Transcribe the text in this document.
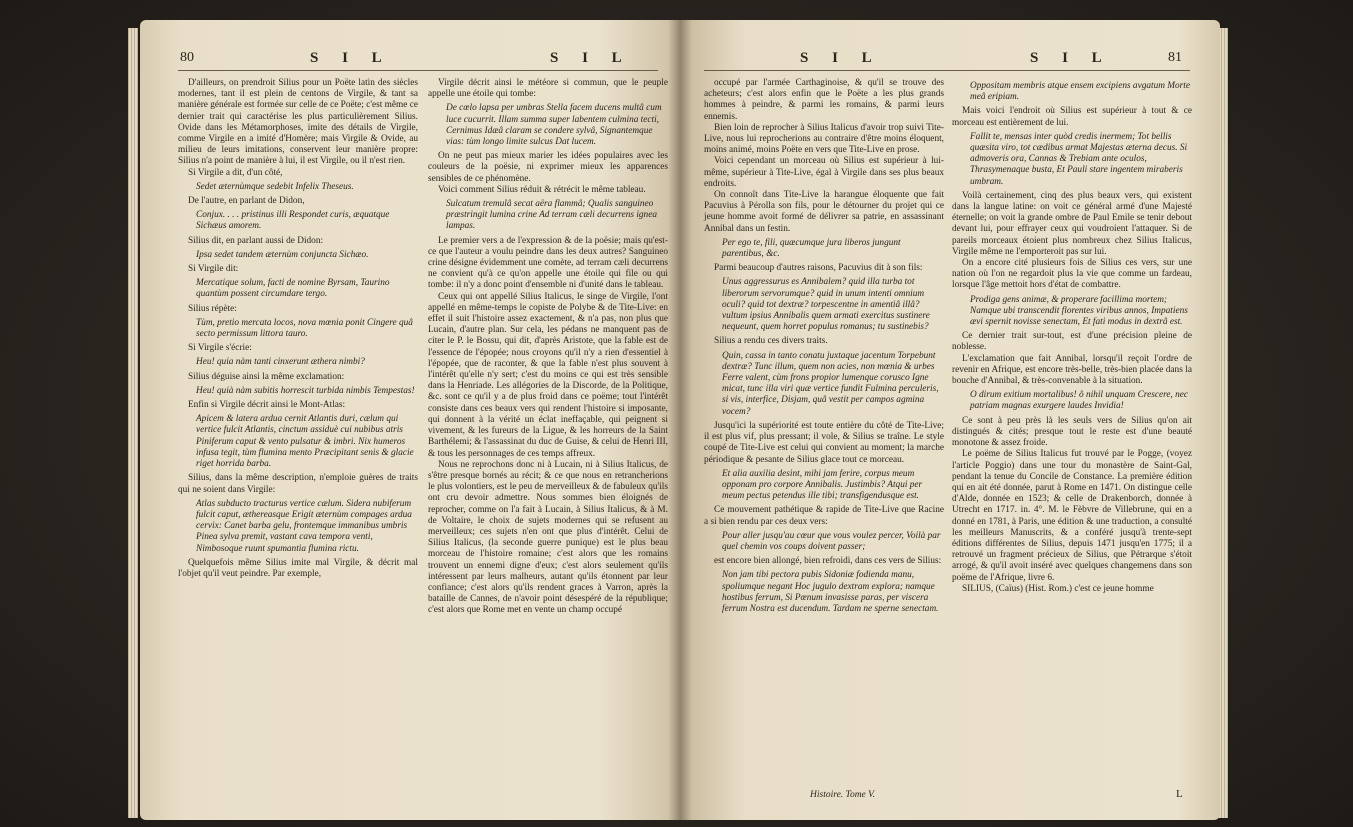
80	S I L	S I L

D'ailleurs, on prendroit Silius pour un Poëte latin des siècles modernes, tant il est plein de centons de Virgile, & tant sa manière générale est formée sur celle de ce Poëte; c'est même ce dernier trait qui caractérise les plus particulièrement Silius. Ovide dans les Métamorphoses, imite des détails de Virgile, comme Virgile en a imité d'Homère; mais Virgile & Ovide, au milieu de leurs imitations, conservent leur manière propre: Silius n'a point de manière à lui, il est Virgile, ou il n'est rien.

Si Virgile a dit, d'un côté,

Sedet æternùmque sedebit Infelix Theseus.

De l'autre, en parlant de Didon,

Conjux. . . . pristinus illi Respondet curis, æquatque Sichæus amorem.

Silius dit, en parlant aussi de Didon:

Ipsa sedet tandem æternùm conjuncta Sichæo.

Si Virgile dit:

Mercatique solum, facti de nomine Byrsam, Taurino quantùm possent circumdare tergo.

Silius répète:

Tùm, pretio mercata locos, nova mœnia ponit Cingere quâ secto permissum littora tauro.

Si Virgile s'écrie:

Heu! quia nàm tanti cinxerunt æthera nimbi?

Silius déguise ainsi la même exclamation:

Heu! quià nàm subitis horrescit turbida nimbis Tempestas!

Enfin si Virgile décrit ainsi le Mont-Atlas:

Apicem & latera ardua cernit Atlantis duri, cælum qui vertice fulcit Atlantis, cinctum assiduè cui nubibus atris Piniferum caput & vento pulsatur & imbri. Nix humeros infusa tegit, tùm flumina mento Præcipitant senis & glacie riget horrida barba.

Silius, dans la même description, n'emploie guères de traits qui ne soient dans Virgile:

Atlas subducto tracturus vertice cælum. Sidera nubiferum fulcit caput, æthereasque Erigit æternùm compages ardua cervix: Canet barba gelu, frontemque immanibus umbris Pinea sylva premit, vastant cava tempora venti, Nimbosoque ruunt spumantia flumina rictu.

Quelquefois même Silius imite mal Virgile, & décrit mal l'objet qu'il veut peindre. Par exemple,

Virgile décrit ainsi le météore si commun, que le peuple appelle une étoile qui tombe:

De cœlo lapsa per umbras Stella facem ducens multâ cum luce cucurrit. Illam summa super labentem culmina tecti, Cernimus Idæâ claram se condere sylvâ, Signantemque vias: tùm longo limite sulcus Dat lucem.

On ne peut pas mieux marier les idées populaires avec les couleurs de la poësie, ni exprimer mieux les apparences sensibles de ce phénomène.

Voici comment Silius réduit & rétrécit le même tableau.

Sulcatum tremulâ secat aëra flammâ; Qualis sanguineo præstringit lumina crine Ad terram cæli decurrens ignea lampas.

Le premier vers a de l'expression & de la poësie; mais qu'est-ce que l'auteur a voulu peindre dans les deux autres? Sanguineo crine désigne évidemment une comète, ad terram cæli decurrens ne convient qu'à ce qu'on appelle une étoile qui file ou qui tombe: il n'y a donc point d'ensemble ni d'unité dans le tableau.

Ceux qui ont appellé Silius Italicus, le singe de Virgile, l'ont appellé en même-temps le copiste de Polybe & de Tite-Live: en effet il suit l'histoire assez exactement, & n'a pas, non plus que Lucain, d'autre plan. Sur cela, les pédans ne manquent pas de citer le P. le Bossu, qui dit, d'après Aristote, que la fable est de l'essence de l'épopée; nous croyons qu'il n'y a rien d'essentiel à l'épopée, que de raconter, & que la fable n'est plus souvent à l'intérêt qu'elle n'y sert; c'est du moins ce qui est très sensible dans la Henriade. Les allégories de la Discorde, de la Politique, &c. sont ce qu'il y a de plus froid dans ce poëme; tout l'intérêt consiste dans ces beaux vers qui rendent l'histoire si imposante, qui donnent à la vérité un éclat ineffaçable, qui peignent si vivement, & les fureurs de la Ligue, & les horreurs de la Saint Barthélemi; & l'assassinat du duc de Guise, & celui de Henri III, & tous les personnages de ces temps affreux.

Nous ne reprochons donc ni à Lucain, ni à Silius Italicus, de s'être presque bornés au récit; & ce que nous en retrancherions le plus volontiers, est le peu de merveilleux & de fabuleux qu'ils ont cru devoir admettre. Nous sommes bien éloignés de reprocher, comme on l'a fait à Lucain, à Silius Italicus, & à M. de Voltaire, le choix de sujets modernes qui se refusent au merveilleux; ces sujets n'en ont que plus d'intérêt. Celui de Silius Italicus, (la seconde guerre punique) est le plus beau morceau de l'histoire romaine; c'est alors que les romains trouvent un ennemi digne d'eux; c'est alors seulement qu'ils intéressent par leurs malheurs, autant qu'ils étonnent par leur confiance; c'est alors qu'ils rendent graces à Varron, après la bataille de Cannes, de n'avoir point désespéré de la république; c'est alors que Rome met en vente un champ occupé

S I L	S I L	81

occupé par l'armée Carthaginoise, & qu'il se trouve des acheteurs; c'est alors enfin que le Poëte a les plus grands hommes à peindre, & parmi les romains, & parmi leurs ennemis.

Bien loin de reprocher à Silius Italicus d'avoir trop suivi Tite-Live, nous lui reprocherions au contraire d'être moins éloquent, moins animé, moins Poëte en vers que Tite-Live en prose.

Voici cependant un morceau où Silius est supérieur à lui-même, supérieur à Tite-Live, égal à Virgile dans ses plus beaux endroits.

On connoît dans Tite-Live la harangue éloquente que fait Pacuvius à Pérolla son fils, pour le détourner du projet qui ce jeune homme avoit formé de délivrer sa patrie, en assassinant Annibal dans un festin.

Per ego te, fili, quæcumque jura liberos jungunt parentibus, &c.

Parmi beaucoup d'autres raisons, Pacuvius dit à son fils:

Unus aggressurus es Annibalem? quid illa turba tot liberorum servorumque? quid in unum intenti omnium oculi? quid tot dextræ? torpescentne in amentiâ illâ? vultum ipsius Annibalis quem armati exercitus sustinere nequeunt, quem horret populus romanus; tu sustinebis?

Silius a rendu ces divers traits.

Quin, cassa in tanto conatu juxtaque jacentum Torpebunt dextræ? Tunc illum, quem non acies, non mœnia & urbes Ferre valent, cùm frons propior lumenque corusco Igne micat, tunc illa viri quæ vertice fundit Fulmina perculeris, si vis, interfice, Disjam, quâ vestit per campos agmina vocem?

Jusqu'ici la supériorité est toute entière du côté de Tite-Live; il est plus vif, plus pressant; il vole, & Silius se traîne. Le style coupé de Tite-Live est celui qui convient au moment; la marche périodique & pesante de Silius glace tout ce morceau.

Et alia auxilia desint, mihi jam ferire, corpus meum opponam pro corpore Annibalis. Justimbis? Atqui per meum pectus petendus ille tibi; transfigendusque est.

Ce mouvement pathétique & rapide de Tite-Live que Racine a si bien rendu par ces deux vers:

Pour aller jusqu'au cœur que vous voulez percer, Voilà par quel chemin vos coups doivent passer;

est encore bien allongé, bien refroidi, dans ces vers de Silius:

Non jam tibi pectora pubis Sidoniæ fodienda manu, spoliumque negant Hoc jugulo dextram explora; namque hostibus ferrum, Si Pœnum invasisse paras, per viscera ferrum Nostra est ducendum. Tardam ne sperne senectam.

Oppositam membris atque ensem excipiens avgatum Morte meâ eripiam.

Mais voici l'endroit où Silius est supérieur à tout & ce morceau est entièrement de lui.

Fallit te, mensas inter quòd credis inermem; Tot bellis quæsita viro, tot cædibus armat Majestas æterna decus. Si admoveris ora, Cannas & Trebiam ante oculos, Thrasymenaque busta, Et Pauli stare ingentem miraberis umbram.

Voilà certainement, cinq des plus beaux vers, qui existent dans la langue latine: on voit ce général armé d'une Majesté éternelle; on voit la grande ombre de Paul Emile se tenir debout devant lui, pour effrayer ceux qui voudroient l'attaquer. Si de pareils morceaux étoient plus nombreux chez Silius Italicus, Virgile même ne l'emporteroit pas sur lui.

On a encore cité plusieurs fois de Silius ces vers, sur une nation où l'on ne regardoit plus la vie que comme un fardeau, lorsque l'âge mettoit hors d'état de combattre.

Prodiga gens animæ, & properare facillima mortem; Namque ubi transcendit florentes viribus annos, Impatiens ævi spernit novisse senectam, Et fati modus in dextrâ est.

Ce dernier trait sur-tout, est d'une précision pleine de noblesse.

L'exclamation que fait Annibal, lorsqu'il reçoit l'ordre de revenir en Afrique, est encore très-belle, très-bien placée dans la bouche d'Annibal, & très-convenable à la situation.

O dirum exitium mortalibus! ô nihil unquam Crescere, nec patriam magnas exurgere laudes Invidia!

Ce sont à peu près là les seuls vers de Silius qu'on ait distingués & cités; presque tout le reste est d'une beauté monotone & assez froide.

Le poëme de Silius Italicus fut trouvé par le Pogge, (voyez l'article Poggio) dans une tour du monastère de Saint-Gal, pendant la tenue du Concile de Constance. La première édition qui en ait été donnée, parut à Rome en 1471. On distingue celle d'Alde, donnée en 1523; & celle de Drakenborch, donnée à Utrecht en 1717. in. 4°. M. le Fèbvre de Villebrune, qui en a donné en 1781, à Paris, une édition & une traduction, a consulté les meilleurs Manuscrits, & a conféré jusqu'à trente-sept éditions différentes de Silius, depuis 1471 jusqu'en 1775; il a retrouvé un fragment précieux de Silius, que Pétrarque s'étoit arrogé, & qu'il avoit inséré avec quelques changemens dans son poëme de l'Afrique, livre 6.

SILIUS, (Caïus) (Hist. Rom.) c'est ce jeune homme

Histoire. Tome V.	L
